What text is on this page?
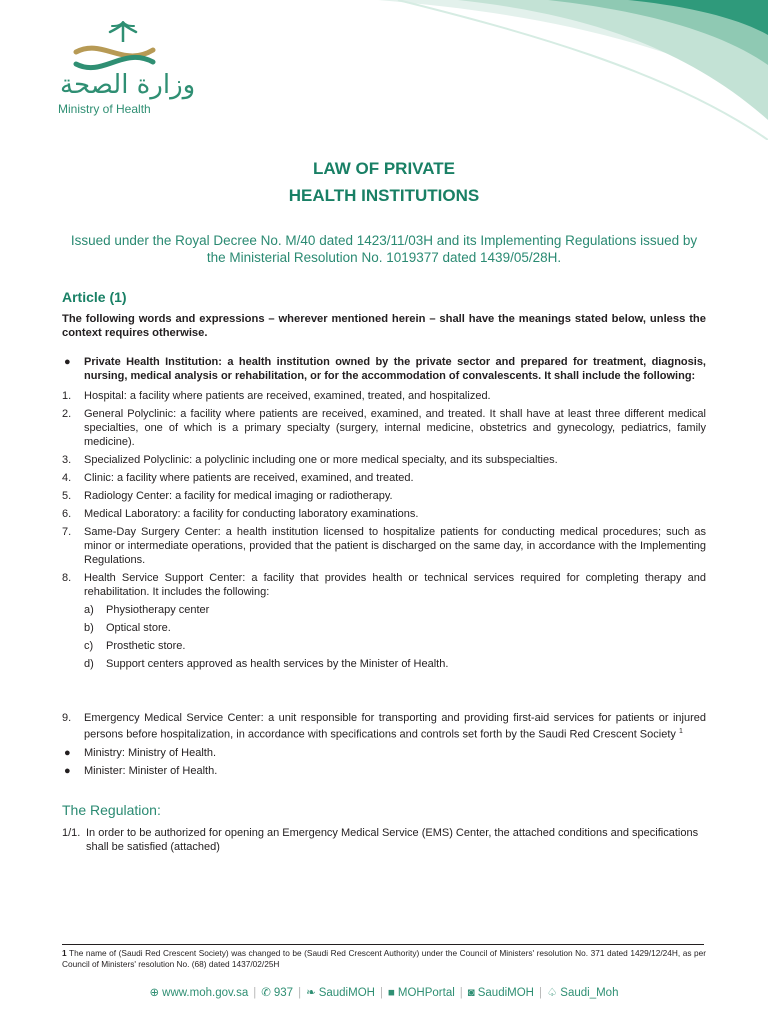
وزارة الصحة
Ministry of Health
LAW OF PRIVATE
HEALTH INSTITUTIONS
Issued under the Royal Decree No. M/40 dated 1423/11/03H and its Implementing Regulations issued by the Ministerial Resolution No. 1019377 dated 1439/05/28H.
Article (1)
The following words and expressions – wherever mentioned herein – shall have the meanings stated below, unless the context requires otherwise.
● Private Health Institution: a health institution owned by the private sector and prepared for treatment, diagnosis, nursing, medical analysis or rehabilitation, or for the accommodation of convalescents. It shall include the following:
1. Hospital: a facility where patients are received, examined, treated, and hospitalized.
2. General Polyclinic: a facility where patients are received, examined, and treated. It shall have at least three different medical specialties, one of which is a primary specialty (surgery, internal medicine, obstetrics and gynecology, pediatrics, family medicine).
3. Specialized Polyclinic: a polyclinic including one or more medical specialty, and its subspecialties.
4. Clinic: a facility where patients are received, examined, and treated.
5. Radiology Center: a facility for medical imaging or radiotherapy.
6. Medical Laboratory: a facility for conducting laboratory examinations.
7. Same-Day Surgery Center: a health institution licensed to hospitalize patients for conducting medical procedures; such as minor or intermediate operations, provided that the patient is discharged on the same day, in accordance with the Implementing Regulations.
8. Health Service Support Center: a facility that provides health or technical services required for completing therapy and rehabilitation. It includes the following:
a) Physiotherapy center
b) Optical store.
c) Prosthetic store.
d) Support centers approved as health services by the Minister of Health.
9. Emergency Medical Service Center: a unit responsible for transporting and providing first-aid services for patients or injured persons before hospitalization, in accordance with specifications and controls set forth by the Saudi Red Crescent Society $^1$
● Ministry: Ministry of Health.
● Minister: Minister of Health.
The Regulation:
1/1. In order to be authorized for opening an Emergency Medical Service (EMS) Center, the attached conditions and specifications shall be satisfied (attached)
1 The name of (Saudi Red Crescent Society) was changed to be (Saudi Red Crescent Authority) under the Council of Ministers' resolution No. 371 dated 1429/12/24H, as per Council of Ministers' resolution No. (68) dated 1437/02/25H
⊕ www.moh.gov.sa | ✆ 937 | ❧ SaudiMOH | ■ MOHPortal | ◙ SaudiMOH | ♤ Saudi_Moh
